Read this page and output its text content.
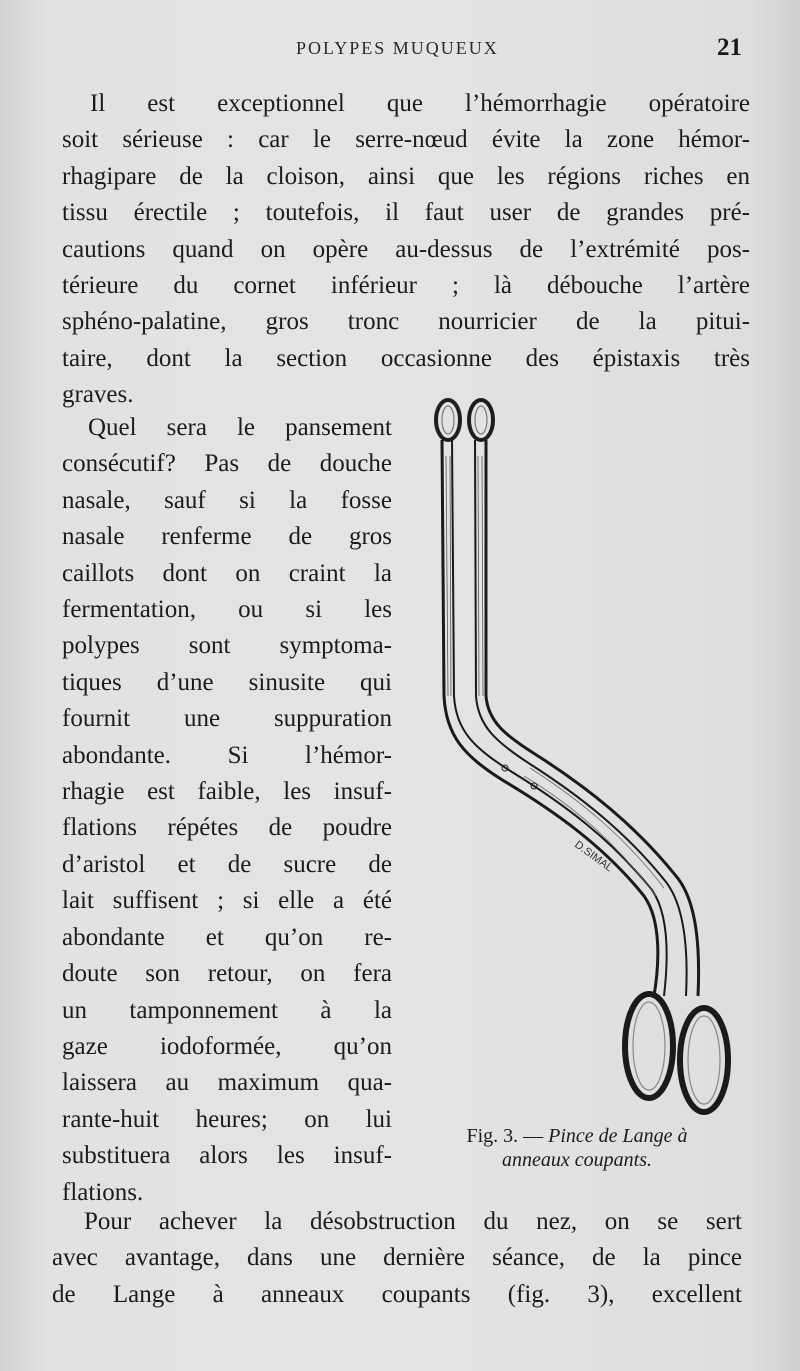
POLYPES MUQUEUX	21
Il est exceptionnel que l’hémorrhagie opératoire
soit sérieuse : car le serre-nœud évite la zone hémor-
rhagipare de la cloison, ainsi que les régions riches en
tissu érectile ; toutefois, il faut user de grandes pré-
cautions quand on opère au-dessus de l’extrémité pos-
térieure du cornet inférieur ; là débouche l’artère
sphéno-palatine, gros tronc nourricier de la pitui-
taire, dont la section occasionne des épistaxis très
graves.
Quel sera le pansement
consécutif? Pas de douche
nasale, sauf si la fosse
nasale renferme de gros
caillots dont on craint la
fermentation, ou si les
polypes sont symptoma-
tiques d’une sinusite qui
fournit une suppuration
abondante. Si l’hémor-
rhagie est faible, les insuf-
flations répétes de poudre
d’aristol et de sucre de
lait suffisent ; si elle a été
abondante et qu’on re-
doute son retour, on fera
un tamponnement à la
gaze iodoformée, qu’on
laissera au maximum qua-
rante-huit heures; on lui
substituera alors les insuf-
flations.
D.SIMAL
Fig. 3. — Pince de Lange à
anneaux coupants.
Pour achever la désobstruction du nez, on se sert
avec avantage, dans une dernière séance, de la pince
de Lange à anneaux coupants (fig. 3), excellent
